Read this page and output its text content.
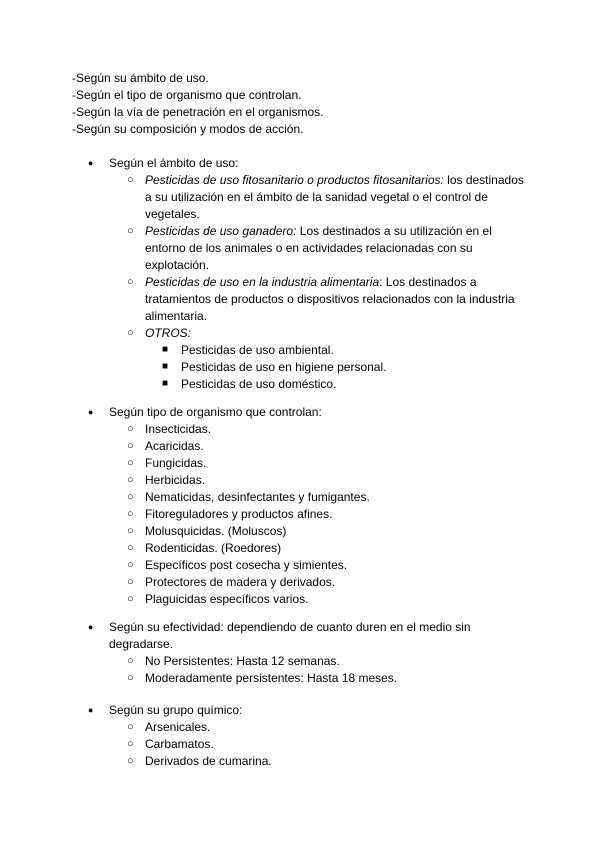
-Según su ámbito de uso.
-Según el tipo de organismo que controlan.
-Según la vía de penetración en el organismos.
-Según su composición y modos de acción.
● Según el ámbito de uso:
○ Pesticidas de uso fitosanitario o productos fitosanitarios: los destinados a su utilización en el ámbito de la sanidad vegetal o el control de vegetales.
○ Pesticidas de uso ganadero: Los destinados a su utilización en el entorno de los animales o en actividades relacionadas con su explotación.
○ Pesticidas de uso en la industria alimentaria: Los destinados a tratamientos de productos o dispositivos relacionados con la industria alimentaria.
○ OTROS:
■ Pesticidas de uso ambiental.
■ Pesticidas de uso en higiene personal.
■ Pesticidas de uso doméstico.
● Según tipo de organismo que controlan:
○ Insecticidas.
○ Acaricidas.
○ Fungicidas.
○ Herbicidas.
○ Nematicidas, desinfectantes y fumigantes.
○ Fitoreguladores y productos afines.
○ Molusquicidas. (Moluscos)
○ Rodenticidas. (Roedores)
○ Específicos post cosecha y simientes.
○ Protectores de madera y derivados.
○ Plaguicidas específicos varios.
● Según su efectividad: dependiendo de cuanto duren en el medio sin degradarse.
○ No Persistentes: Hasta 12 semanas.
○ Moderadamente persistentes: Hasta 18 meses.
● Según su grupo químico:
○ Arsenicales.
○ Carbamatos.
○ Derivados de cumarina.
